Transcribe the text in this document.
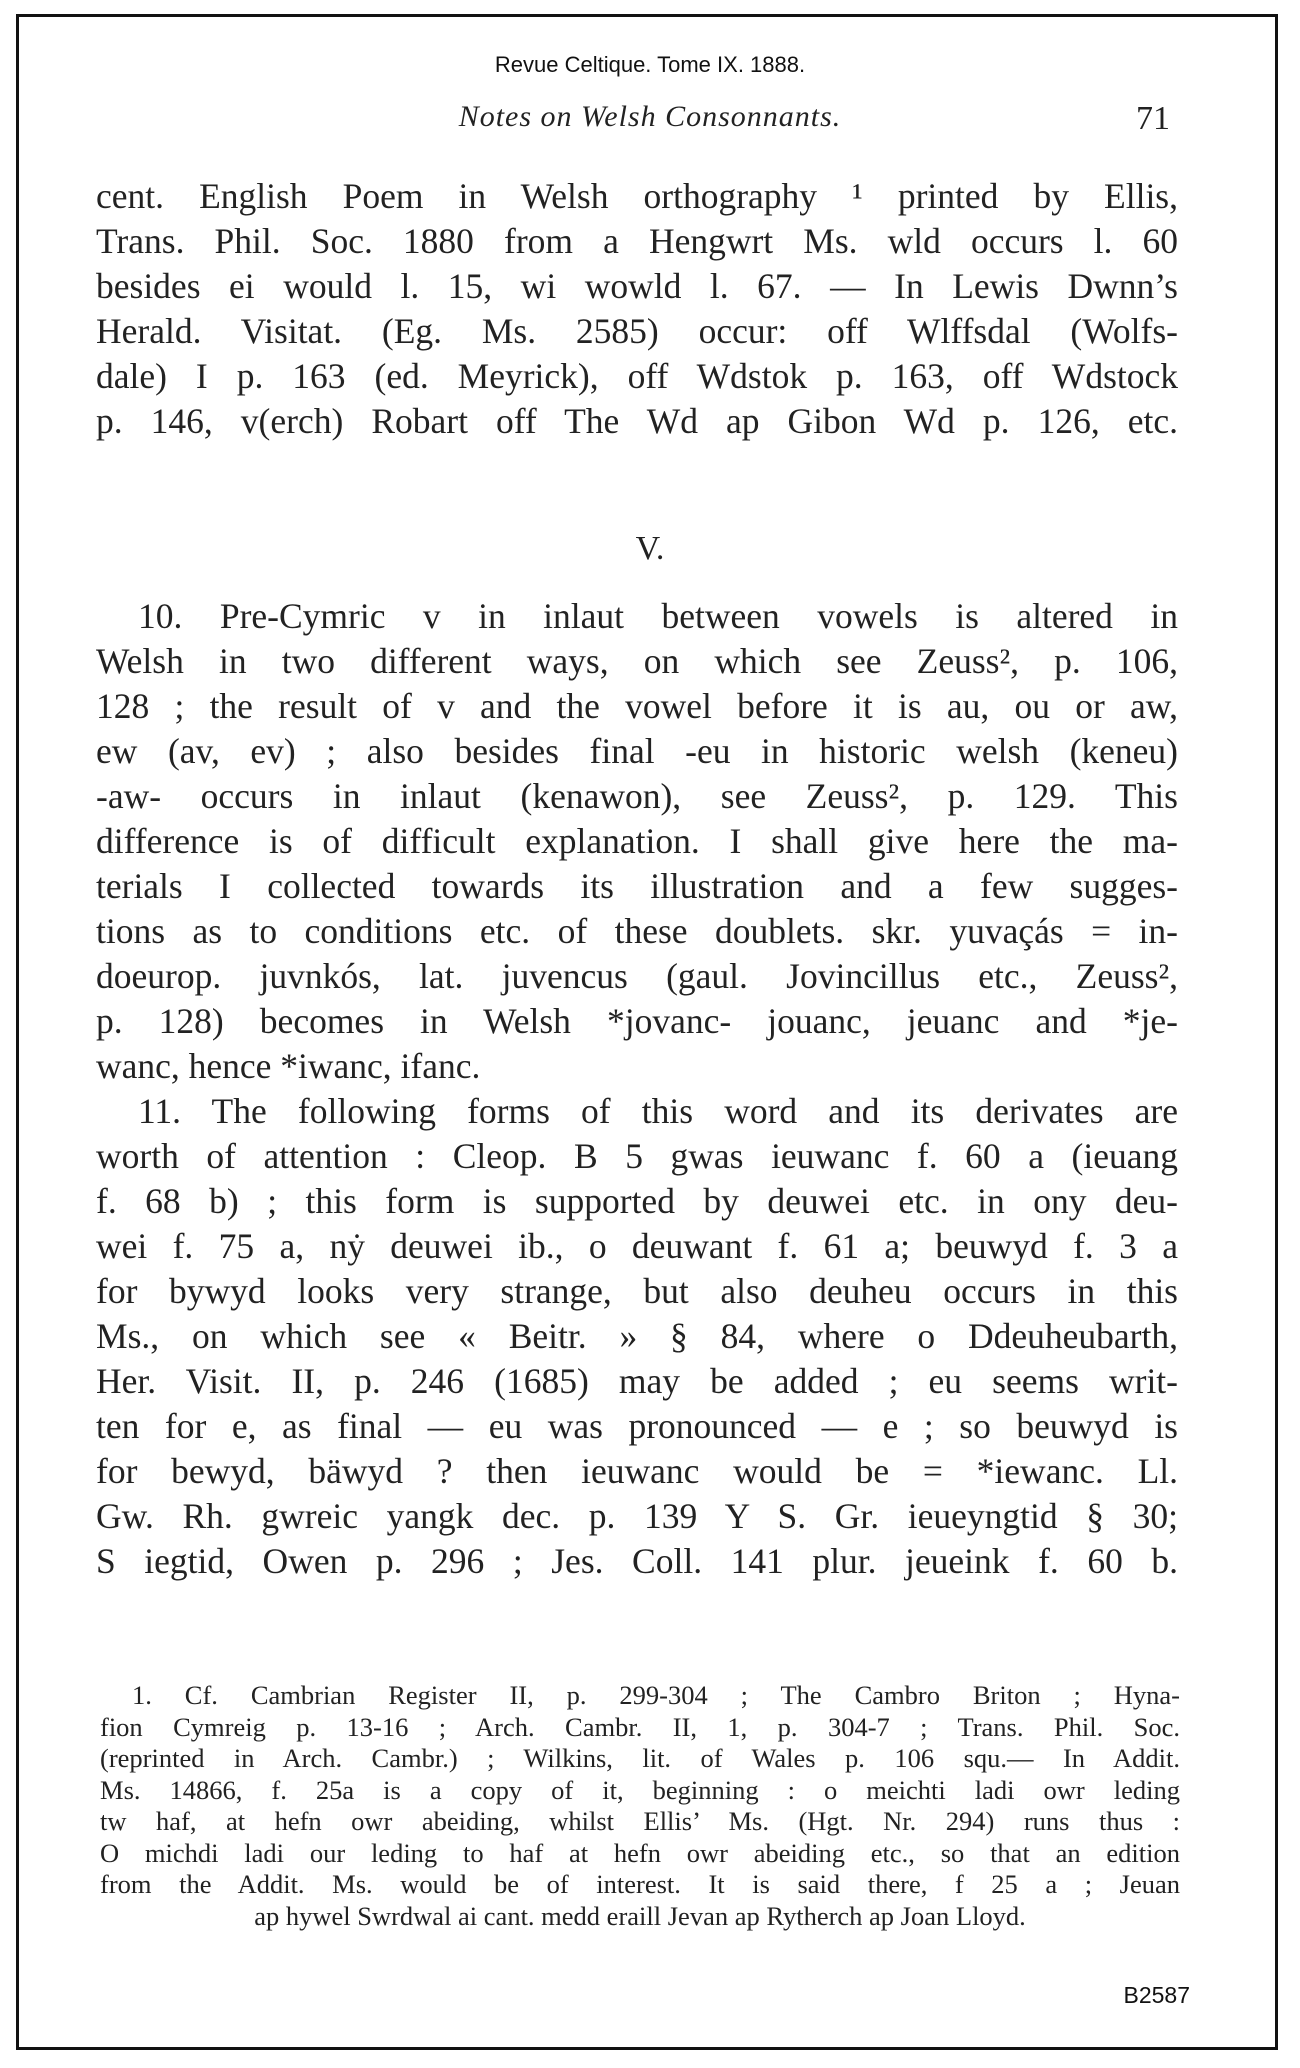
Revue Celtique. Tome IX. 1888.
Notes on Welsh Consonnants.	71
cent. English Poem in Welsh orthography ¹ printed by Ellis,
Trans. Phil. Soc. 1880 from a Hengwrt Ms. wld occurs l. 60
besides ei would l. 15, wi wowld l. 67. — In Lewis Dwnn’s
Herald. Visitat. (Eg. Ms. 2585) occur: off Wlffsdal (Wolfs-
dale) I p. 163 (ed. Meyrick), off Wdstok p. 163, off Wdstock
p. 146, v(erch) Robart off The Wd ap Gibon Wd p. 126, etc.
V.
10. Pre-Cymric v in inlaut between vowels is altered in
Welsh in two different ways, on which see Zeuss², p. 106,
128 ; the result of v and the vowel before it is au, ou or aw,
ew (av, ev) ; also besides final -eu in historic welsh (keneu)
-aw- occurs in inlaut (kenawon), see Zeuss², p. 129. This
difference is of difficult explanation. I shall give here the ma-
terials I collected towards its illustration and a few sugges-
tions as to conditions etc. of these doublets. skr. yuvaçás = in-
doeurop. juvnkós, lat. juvencus (gaul. Jovincillus etc., Zeuss²,
p. 128) becomes in Welsh *jovanc- jouanc, jeuanc and *je-
wanc, hence *iwanc, ifanc.
11. The following forms of this word and its derivates are
worth of attention : Cleop. B 5 gwas ieuwanc f. 60 a (ieuang
f. 68 b) ; this form is supported by deuwei etc. in ony deu-
wei f. 75 a, nẏ deuwei ib., o deuwant f. 61 a; beuwyd f. 3 a
for bywyd looks very strange, but also deuheu occurs in this
Ms., on which see « Beitr. » § 84, where o Ddeuheubarth,
Her. Visit. II, p. 246 (1685) may be added ; eu seems writ-
ten for e, as final — eu was pronounced — e ; so beuwyd is
for bewyd, bäwyd ? then ieuwanc would be = *iewanc. Ll.
Gw. Rh. gwreic yangk dec. p. 139 Y S. Gr. ieueyngtid § 30;
S iegtid, Owen p. 296 ; Jes. Coll. 141 plur. jeueink f. 60 b.
1. Cf. Cambrian Register II, p. 299-304 ; The Cambro Briton ; Hyna-
fion Cymreig p. 13-16 ; Arch. Cambr. II, 1, p. 304-7 ; Trans. Phil. Soc.
(reprinted in Arch. Cambr.) ; Wilkins, lit. of Wales p. 106 squ.— In Addit.
Ms. 14866, f. 25a is a copy of it, beginning : o meichti ladi owr leding
tw haf, at hefn owr abeiding, whilst Ellis’ Ms. (Hgt. Nr. 294) runs thus :
O michdi ladi our leding to haf at hefn owr abeiding etc., so that an edition
from the Addit. Ms. would be of interest. It is said there, f 25 a ; Jeuan
ap hywel Swrdwal ai cant. medd eraill Jevan ap Rytherch ap Joan Lloyd.
B2587
